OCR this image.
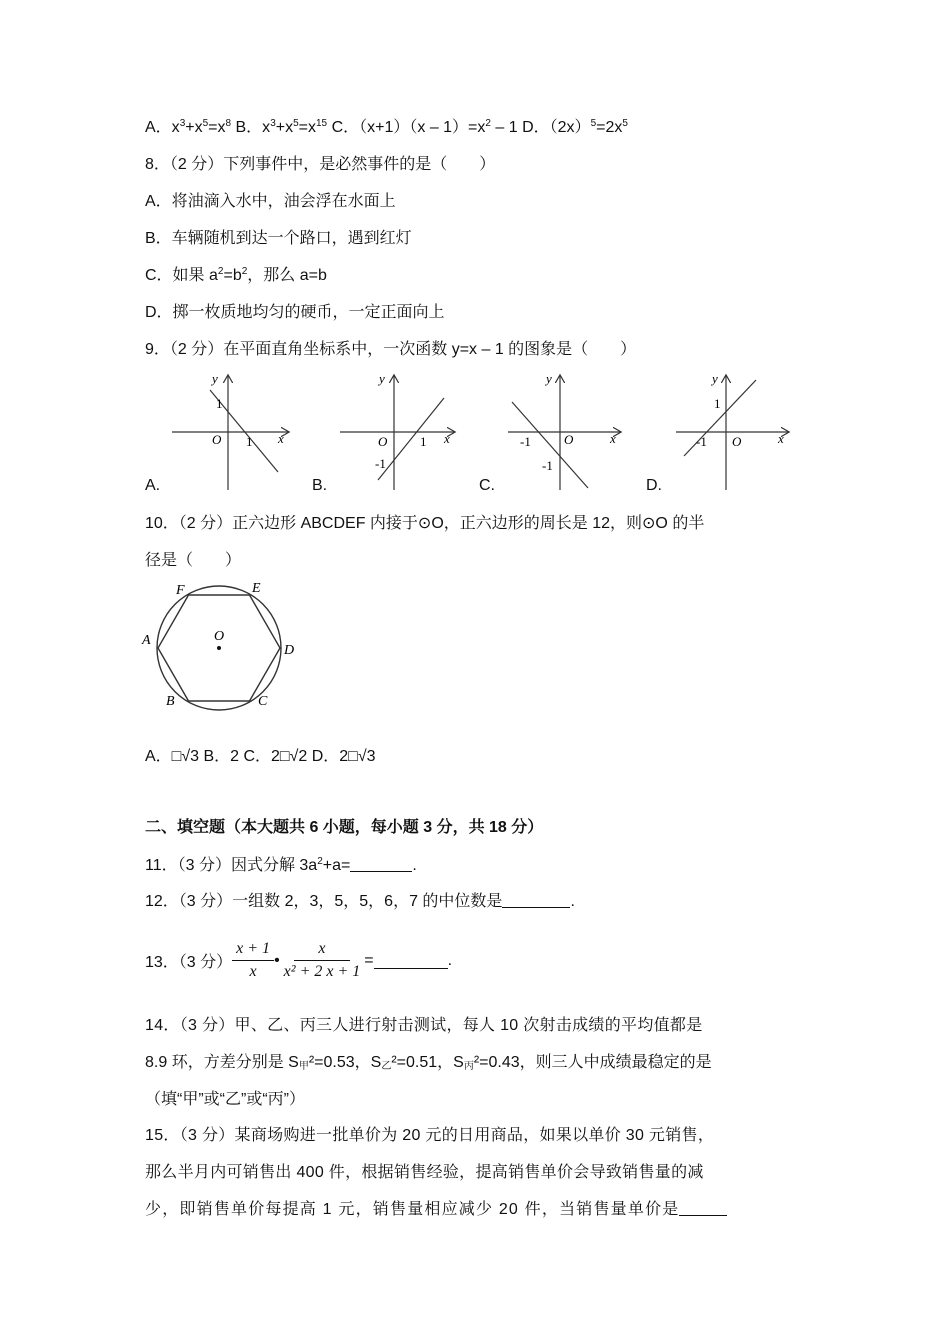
A．$x^3+x^5=x^8$ B．$x^3+x^5=x^{15}$ C．$(x+1)(x - 1)=x^2 - 1$ D．$(2x)^5=2x^5$
8．（2 分）下列事件中，是必然事件的是（　　）
A．将油滴入水中，油会浮在水面上
B．车辆随机到达一个路口，遇到红灯
C．如果 $a^2=b^2$，那么 a=b
D．掷一枚质地均匀的硬币，一定正面向上
9．（2 分）在平面直角坐标系中，一次函数 y=x – 1 的图象是（　　）
y
x
O
1
1
y
x
O	1
-1
y
x
O
-1
-1
y
x
O
1
-1
A.	B.	C.	D.
10．（2 分）正六边形 ABCDEF 内接于⊙O，正六边形的周长是 12，则⊙O 的半
径是（　　）
O
A
B	C
D
E
F
A．□√3 B．2 C．2□√2 D．2□√3
二、填空题（本大题共 6 小题，每小题 3 分，共 18 分）
11．（3 分）因式分解 $3a^2+a=$	.
12．（3 分）一组数 2，3，5，5，6，7 的中位数是	.
13．（3 分） $\frac{x + 1}{x}$ • $\frac{x}{\text{x² + 2 x + 1}}$ =	.
14．（3 分）甲、乙、丙三人进行射击测试，每人 10 次射击成绩的平均值都是
8.9 环，方差分别是 $S_甲^2=0.53$，$S_乙^2=0.51$，$S_丙^2=0.43$，则三人中成绩最稳定的是
（填“甲”或“乙”或“丙”）
15．（3 分）某商场购进一批单价为 20 元的日用商品，如果以单价 30 元销售，
那么半月内可销售出 400 件，根据销售经验，提高销售单价会导致销售量的减
少，即销售单价每提高 1 元，销售量相应减少 20 件，当销售量单价是
